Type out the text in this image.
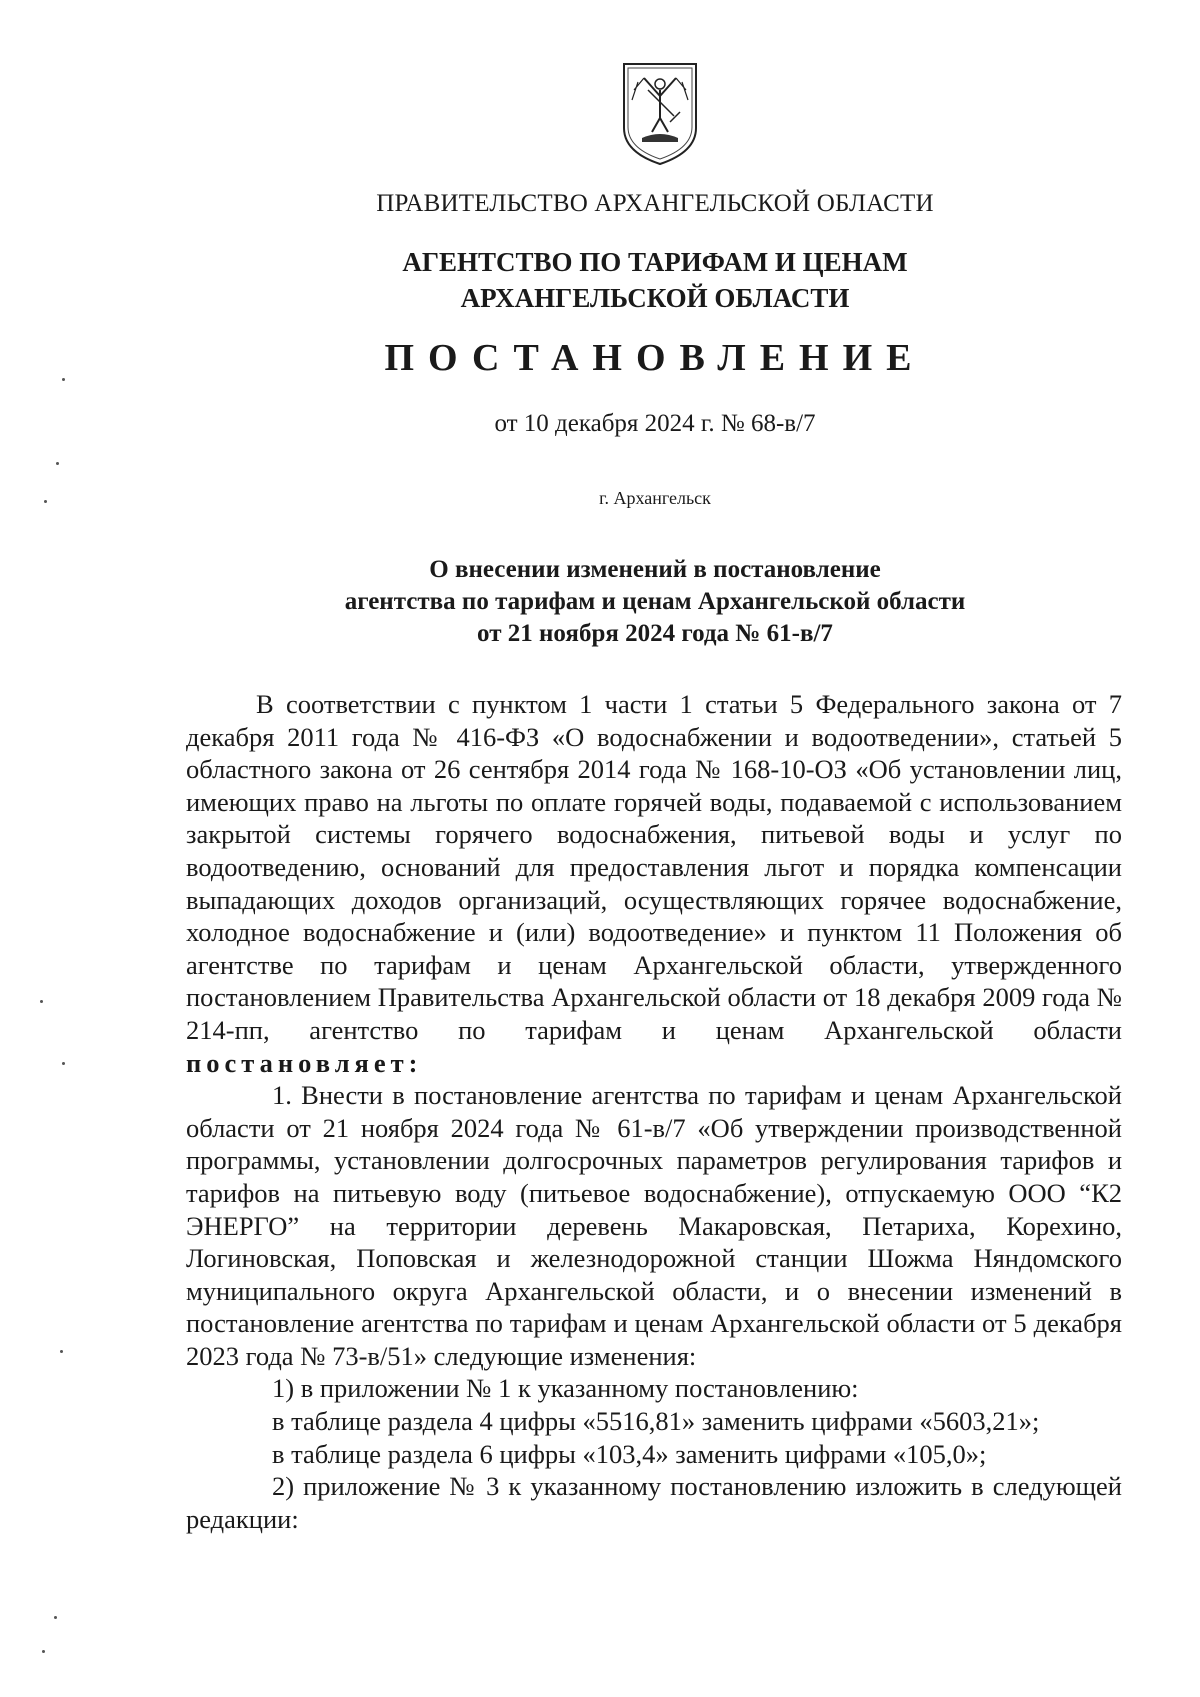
ПРАВИТЕЛЬСТВО АРХАНГЕЛЬСКОЙ ОБЛАСТИ
АГЕНТСТВО ПО ТАРИФАМ И ЦЕНАМ
АРХАНГЕЛЬСКОЙ ОБЛАСТИ
ПОСТАНОВЛЕНИЕ
от 10 декабря 2024 г. № 68-в/7
г. Архангельск
О внесении изменений в постановление
агентства по тарифам и ценам Архангельской области
от 21 ноября 2024 года № 61-в/7

В соответствии с пунктом 1 части 1 статьи 5 Федерального закона от 7 декабря 2011 года № 416-ФЗ «О водоснабжении и водоотведении», статьей 5 областного закона от 26 сентября 2014 года № 168-10-ОЗ «Об установлении лиц, имеющих право на льготы по оплате горячей воды, подаваемой с использованием закрытой системы горячего водоснабжения, питьевой воды и услуг по водоотведению, оснований для предоставления льгот и порядка компенсации выпадающих доходов организаций, осуществляющих горячее водоснабжение, холодное водоснабжение и (или) водоотведение» и пунктом 11 Положения об агентстве по тарифам и ценам Архангельской области, утвержденного постановлением Правительства Архангельской области от 18 декабря 2009 года № 214-пп, агентство по тарифам и ценам Архангельской области постановляет:

1. Внести в постановление агентства по тарифам и ценам Архангельской области от 21 ноября 2024 года № 61-в/7 «Об утверждении производственной программы, установлении долгосрочных параметров регулирования тарифов и тарифов на питьевую воду (питьевое водоснабжение), отпускаемую ООО “К2 ЭНЕРГО” на территории деревень Макаровская, Петариха, Корехино, Логиновская, Поповская и железнодорожной станции Шожма Няндомского муниципального округа Архангельской области, и о внесении изменений в постановление агентства по тарифам и ценам Архангельской области от 5 декабря 2023 года № 73-в/51» следующие изменения:

1) в приложении № 1 к указанному постановлению:

в таблице раздела 4 цифры «5516,81» заменить цифрами «5603,21»;

в таблице раздела 6 цифры «103,4» заменить цифрами «105,0»;

2) приложение № 3 к указанному постановлению изложить в следующей редакции:
